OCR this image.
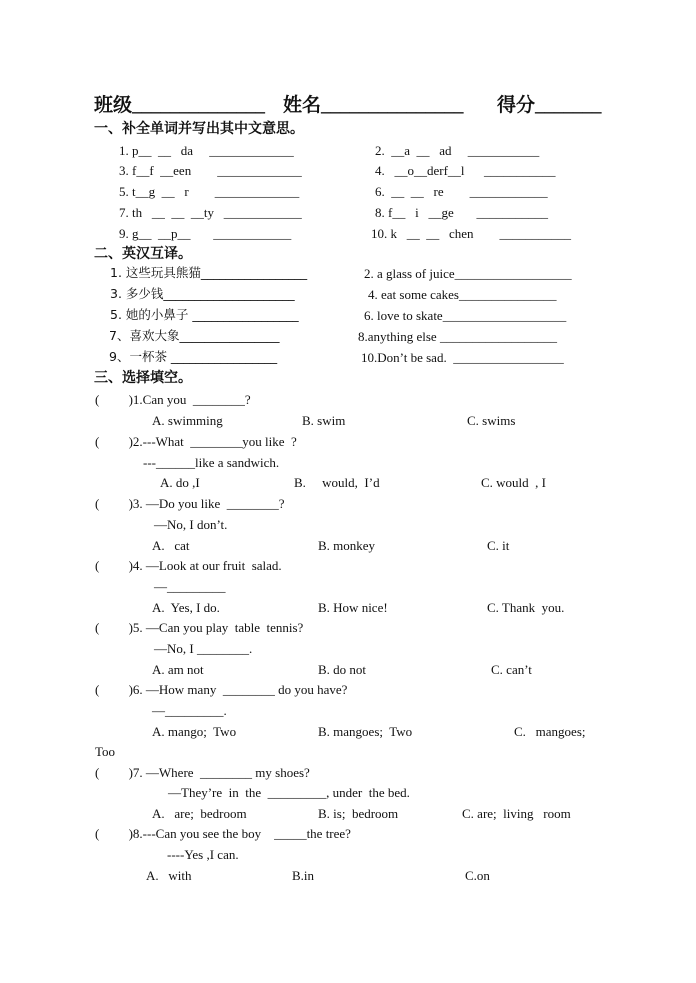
班级______________ 姓名_______________ 得分_______
一、补全单词并写出其中文意思。
1. p__  __   da     _____________	2.  __a  __   ad     ___________
3. f__f  __een        _____________	4.   __o__derf__l      ___________
5. t__g  __   r        _____________	6.  __  __   re        ____________
7. th   __  __  __ty   ____________	8. f__   i   __ge       ___________
9. g__  __p__       ____________	10. k   __  __   chen        ___________
二、英汉互译。
1. 这些玩具熊猫_________________	2. a glass of juice__________________
3. 多少钱_____________________	4. eat some cakes_______________
5. 她的小鼻子 _________________	6. love to skate___________________
7、喜欢大象________________	8.anything else __________________
9、一杯茶 _________________	10.Don’t be sad.  _________________
三、选择填空。
(         )1.Can you  ________?
A. swimming	B. swim	C. swims
(         )2.---What  ________you like  ?
---______like a sandwich.
A. do ,I	B.     would,  I’d	C. would  , I
(         )3. —Do you like  ________?
—No, I don’t.
A.   cat	B. monkey	C. it
(         )4. —Look at our fruit  salad.
—_________
A.  Yes, I do.	B. How nice!	C. Thank  you.
(         )5. —Can you play  table  tennis?
—No, I ________.
A. am not	B. do not	C. can’t
(         )6. —How many  ________ do you have?
—_________.
A. mango;  Two	B. mangoes;  Two	C.   mangoes;
Too
(         )7. —Where  ________ my shoes?
—They’re  in  the  _________, under  the bed.
A.   are;  bedroom	B. is;  bedroom	C. are;  living   room
(         )8.---Can you see the boy    _____the tree?
----Yes ,I can.
A.   with	B.in	C.on
